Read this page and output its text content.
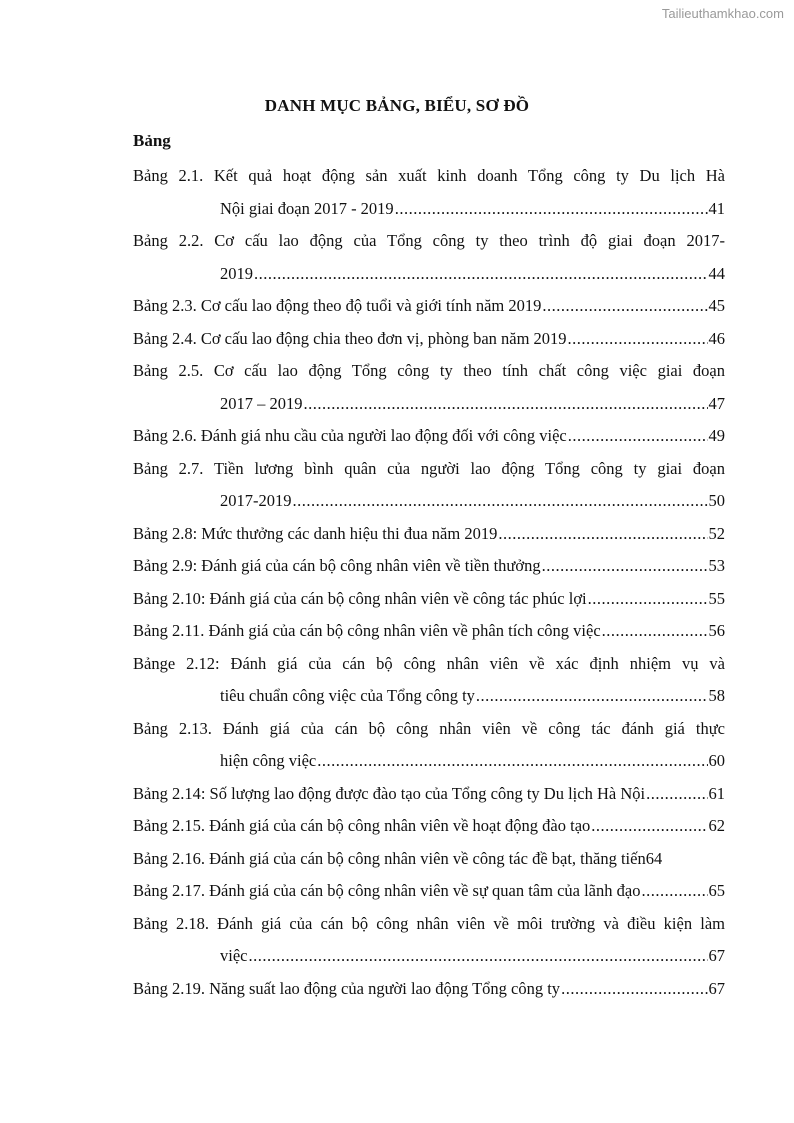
Tailieuthamkhao.com
DANH MỤC BẢNG, BIỂU, SƠ ĐỒ
Bảng
Bảng 2.1. Kết quả hoạt động sản xuất kinh doanh Tổng công ty Du lịch Hà
Nội giai đoạn 2017 - 2019 .....	41
Bảng 2.2. Cơ cấu lao động của Tổng công ty theo trình độ giai đoạn 2017-
2019 .....	44
Bảng 2.3. Cơ cấu lao động theo độ tuổi và giới tính năm 2019 .....	45
Bảng 2.4. Cơ cấu lao động chia theo đơn vị, phòng ban năm 2019 .....	46
Bảng 2.5. Cơ cấu lao động Tổng công ty theo tính chất công việc giai đoạn
2017 – 2019 .....	47
Bảng 2.6. Đánh giá nhu cầu của người lao động đối với công việc .....	49
Bảng 2.7. Tiền lương bình quân của người lao động Tổng công ty giai đoạn
2017-2019 .....	50
Bảng 2.8: Mức thưởng các danh hiệu thi đua năm 2019 .....	52
Bảng 2.9: Đánh giá của cán bộ công nhân viên về tiền thưởng .....	53
Bảng 2.10: Đánh giá của cán bộ công nhân viên về công tác phúc lợi .....	55
Bảng 2.11. Đánh giá của cán bộ công nhân viên về phân tích công việc .....	56
Bảnge 2.12: Đánh giá của cán bộ công nhân viên về xác định nhiệm vụ và
tiêu chuẩn công việc của Tổng công ty .....	58
Bảng 2.13. Đánh giá của cán bộ công nhân viên về công tác đánh giá thực
hiện công việc .....	60
Bảng 2.14: Số lượng lao động được đào tạo của Tổng công ty Du lịch Hà Nội .....	61
Bảng 2.15. Đánh giá của cán bộ công nhân viên về hoạt động đào tạo .....	62
Bảng 2.16. Đánh giá của cán bộ công nhân viên về công tác đề bạt, thăng tiến 64
Bảng 2.17. Đánh giá của cán bộ công nhân viên về sự quan tâm của lãnh đạo .....	65
Bảng 2.18. Đánh giá của cán bộ công nhân viên về môi trường và điều kiện làm
việc .....	67
Bảng 2.19. Năng suất lao động của người lao động Tổng công ty .....	67
